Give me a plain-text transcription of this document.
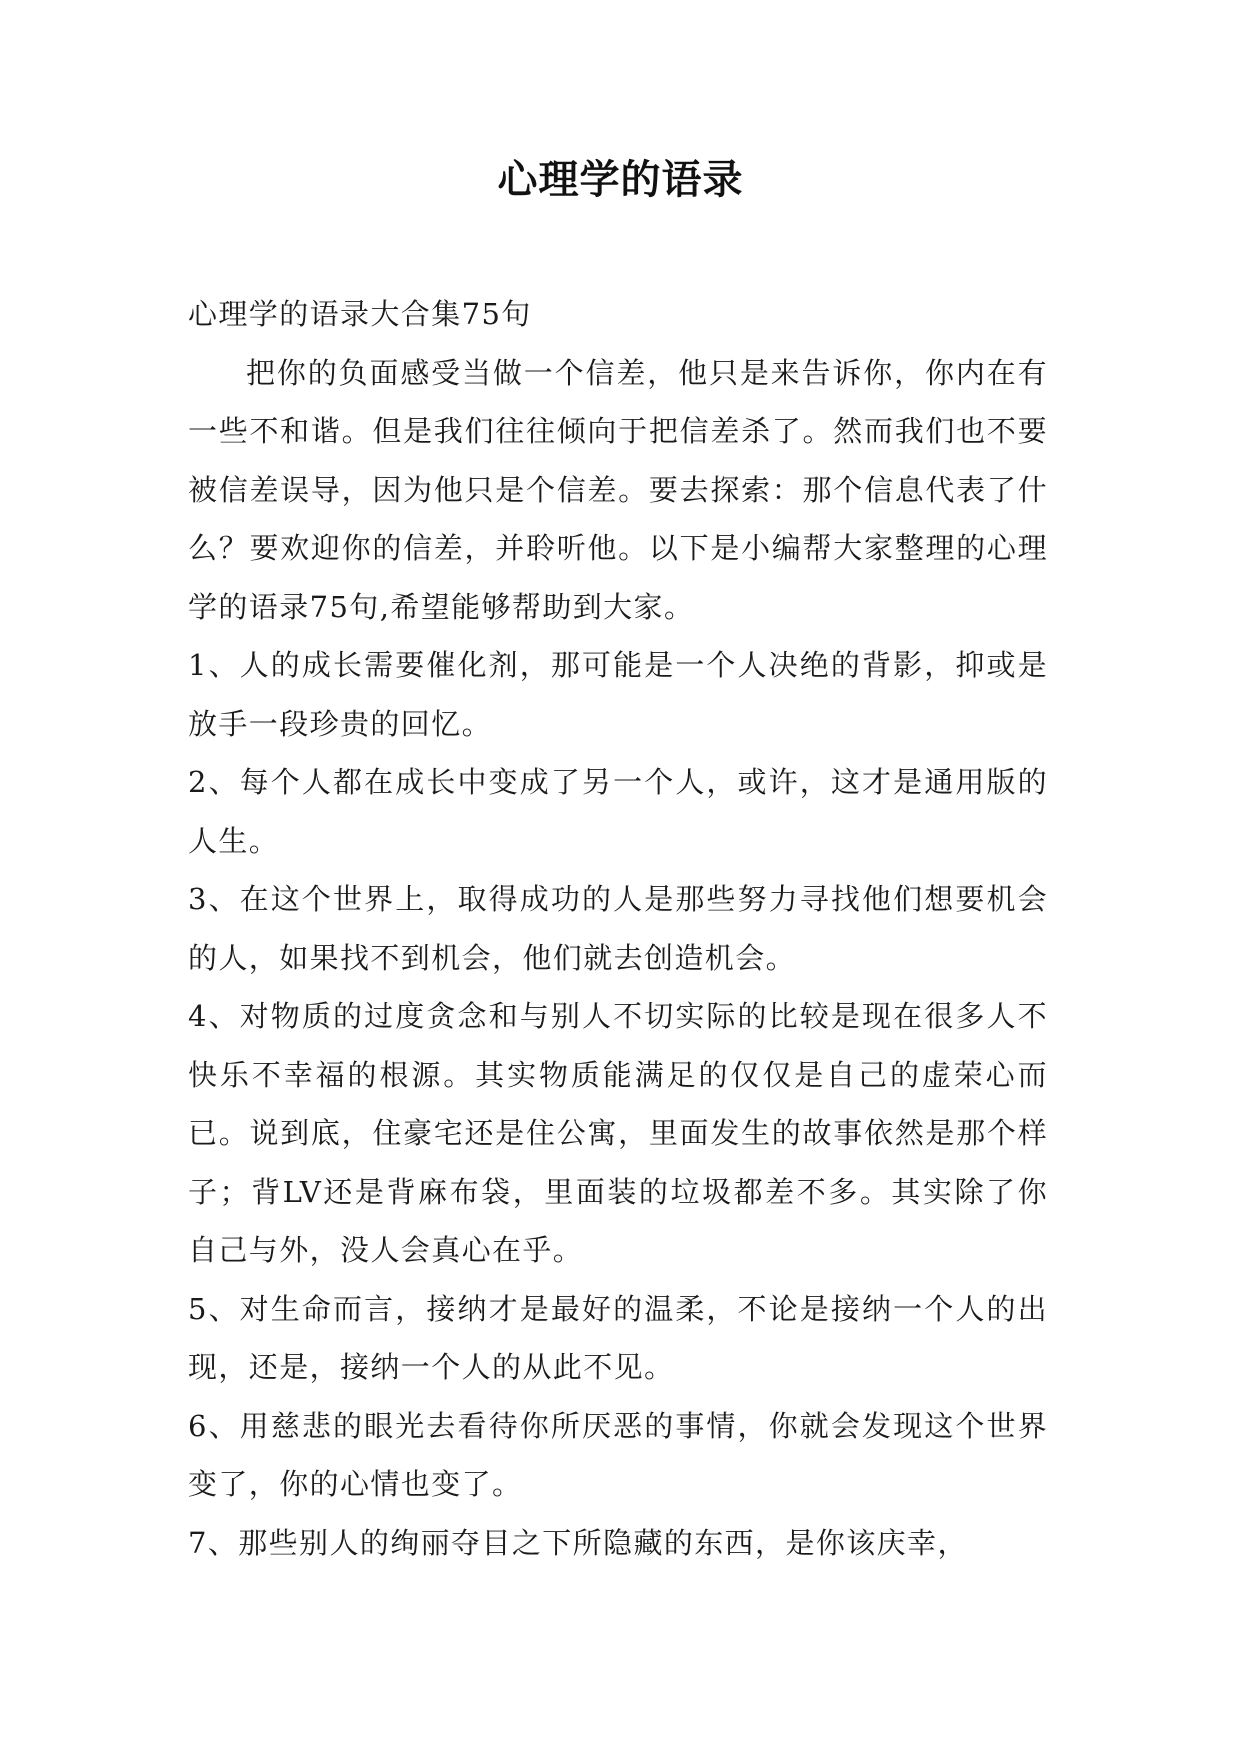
心理学的语录

心理学的语录大合集75句

把你的负面感受当做一个信差，他只是来告诉你，你内在有一些不和谐。但是我们往往倾向于把信差杀了。然而我们也不要被信差误导，因为他只是个信差。要去探索：那个信息代表了什么？要欢迎你的信差，并聆听他。以下是小编帮大家整理的心理学的语录75句,希望能够帮助到大家。

1、人的成长需要催化剂，那可能是一个人决绝的背影，抑或是放手一段珍贵的回忆。

2、每个人都在成长中变成了另一个人，或许，这才是通用版的人生。

3、在这个世界上，取得成功的人是那些努力寻找他们想要机会的人，如果找不到机会，他们就去创造机会。

4、对物质的过度贪念和与别人不切实际的比较是现在很多人不快乐不幸福的根源。其实物质能满足的仅仅是自己的虚荣心而已。说到底，住豪宅还是住公寓，里面发生的故事依然是那个样子；背LV还是背麻布袋，里面装的垃圾都差不多。其实除了你自己与外，没人会真心在乎。

5、对生命而言，接纳才是最好的温柔，不论是接纳一个人的出现，还是，接纳一个人的从此不见。

6、用慈悲的眼光去看待你所厌恶的事情，你就会发现这个世界变了，你的心情也变了。

7、那些别人的绚丽夺目之下所隐藏的东西，是你该庆幸，
